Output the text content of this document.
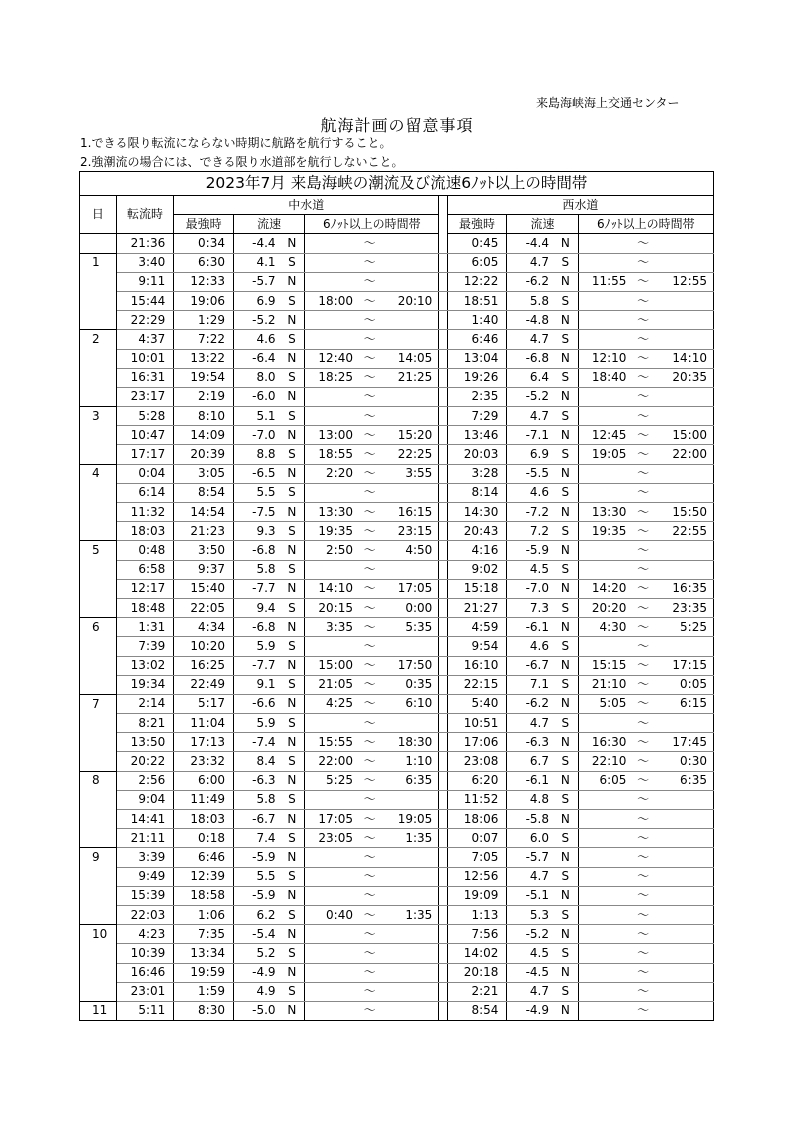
来島海峡海上交通センター
航海計画の留意事項
1.できる限り転流にならない時期に航路を航行すること。
2.強潮流の場合には、できる限り水道部を航行しないこと。
2023年7月 来島海峡の潮流及び流速6ﾉｯﾄ以上の時間帯														
日	転流時	中水道							西水道					
		最強時	流速		6ﾉｯﾄ以上の時間帯				最強時	流速		6ﾉｯﾄ以上の時間帯		
	21:36	0:34	-4.4	N		～			0:45	-4.4	N		～	
1	3:40	6:30	4.1	S		～			6:05	4.7	S		～	
	9:11	12:33	-5.7	N		～			12:22	-6.2	N	11:55	～	12:55
	15:44	19:06	6.9	S	18:00	～	20:10		18:51	5.8	S		～	
	22:29	1:29	-5.2	N		～			1:40	-4.8	N		～	
2	4:37	7:22	4.6	S		～			6:46	4.7	S		～	
	10:01	13:22	-6.4	N	12:40	～	14:05		13:04	-6.8	N	12:10	～	14:10
	16:31	19:54	8.0	S	18:25	～	21:25		19:26	6.4	S	18:40	～	20:35
	23:17	2:19	-6.0	N		～			2:35	-5.2	N		～	
3	5:28	8:10	5.1	S		～			7:29	4.7	S		～	
	10:47	14:09	-7.0	N	13:00	～	15:20		13:46	-7.1	N	12:45	～	15:00
	17:17	20:39	8.8	S	18:55	～	22:25		20:03	6.9	S	19:05	～	22:00
4	0:04	3:05	-6.5	N	2:20	～	3:55		3:28	-5.5	N		～	
	6:14	8:54	5.5	S		～			8:14	4.6	S		～	
	11:32	14:54	-7.5	N	13:30	～	16:15		14:30	-7.2	N	13:30	～	15:50
	18:03	21:23	9.3	S	19:35	～	23:15		20:43	7.2	S	19:35	～	22:55
5	0:48	3:50	-6.8	N	2:50	～	4:50		4:16	-5.9	N		～	
	6:58	9:37	5.8	S		～			9:02	4.5	S		～	
	12:17	15:40	-7.7	N	14:10	～	17:05		15:18	-7.0	N	14:20	～	16:35
	18:48	22:05	9.4	S	20:15	～	0:00		21:27	7.3	S	20:20	～	23:35
6	1:31	4:34	-6.8	N	3:35	～	5:35		4:59	-6.1	N	4:30	～	5:25
	7:39	10:20	5.9	S		～			9:54	4.6	S		～	
	13:02	16:25	-7.7	N	15:00	～	17:50		16:10	-6.7	N	15:15	～	17:15
	19:34	22:49	9.1	S	21:05	～	0:35		22:15	7.1	S	21:10	～	0:05
7	2:14	5:17	-6.6	N	4:25	～	6:10		5:40	-6.2	N	5:05	～	6:15
	8:21	11:04	5.9	S		～			10:51	4.7	S		～	
	13:50	17:13	-7.4	N	15:55	～	18:30		17:06	-6.3	N	16:30	～	17:45
	20:22	23:32	8.4	S	22:00	～	1:10		23:08	6.7	S	22:10	～	0:30
8	2:56	6:00	-6.3	N	5:25	～	6:35		6:20	-6.1	N	6:05	～	6:35
	9:04	11:49	5.8	S		～			11:52	4.8	S		～	
	14:41	18:03	-6.7	N	17:05	～	19:05		18:06	-5.8	N		～	
	21:11	0:18	7.4	S	23:05	～	1:35		0:07	6.0	S		～	
9	3:39	6:46	-5.9	N		～			7:05	-5.7	N		～	
	9:49	12:39	5.5	S		～			12:56	4.7	S		～	
	15:39	18:58	-5.9	N		～			19:09	-5.1	N		～	
	22:03	1:06	6.2	S	0:40	～	1:35		1:13	5.3	S		～	
10	4:23	7:35	-5.4	N		～			7:56	-5.2	N		～	
	10:39	13:34	5.2	S		～			14:02	4.5	S		～	
	16:46	19:59	-4.9	N		～			20:18	-4.5	N		～	
	23:01	1:59	4.9	S		～			2:21	4.7	S		～	
11	5:11	8:30	-5.0	N		～			8:54	-4.9	N		～	
